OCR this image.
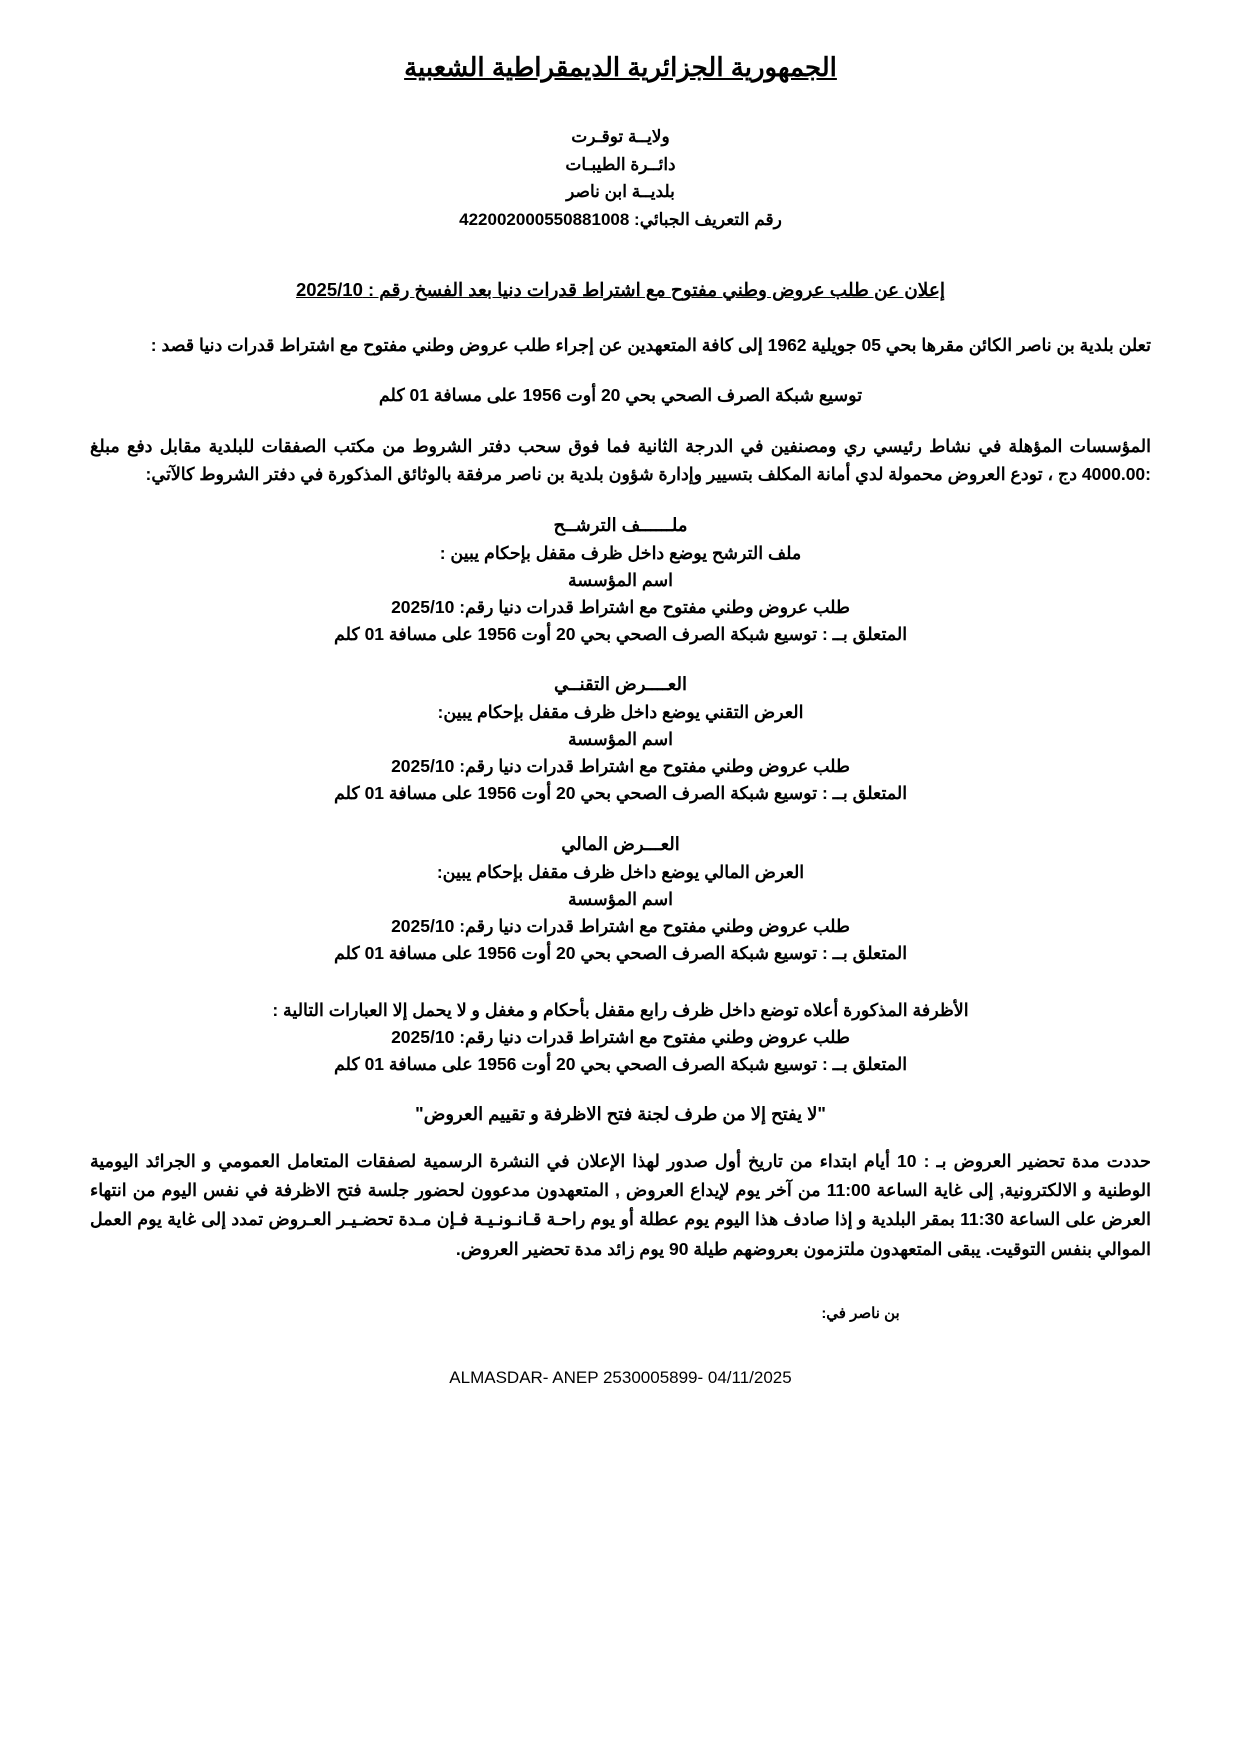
الجمهورية الجزائرية الديمقراطية الشعبية
ولايــة توقـرت
دائــرة الطيبـات
بلديــة ابن ناصر
رقم التعريف الجبائي: 422002000550881008
إعلان عن طلب عروض وطني مفتوح مع اشتراط قدرات دنيا بعد الفسخ رقم : 2025/10
تعلن بلدية بن ناصر الكائن مقرها بحي 05 جويلية 1962 إلى كافة المتعهدين عن إجراء طلب عروض وطني مفتوح مع اشتراط قدرات دنيا قصد :
توسيع شبكة الصرف الصحي بحي 20 أوت 1956 على مسافة 01 كلم
المؤسسات المؤهلة في نشاط رئيسي ري ومصنفين في الدرجة الثانية فما فوق سحب دفتر الشروط من مكتب الصفقات للبلدية مقابل دفع مبلغ :4000.00 دج ، تودع العروض محمولة لدي أمانة المكلف بتسيير وإدارة شؤون بلدية بن ناصر مرفقة بالوثائق المذكورة في دفتر الشروط كالآتي:
ملــــــف الترشــح
ملف الترشح يوضع داخل ظرف مقفل بإحكام يبين :
اسم المؤسسة
طلب عروض وطني مفتوح مع اشتراط قدرات دنيا رقم: 2025/10
المتعلق بــ : توسيع شبكة الصرف الصحي بحي 20 أوت 1956 على مسافة 01 كلم
العــــرض التقنــي
العرض التقني يوضع داخل ظرف مقفل بإحكام يبين:
اسم المؤسسة
طلب عروض وطني مفتوح مع اشتراط قدرات دنيا رقم: 2025/10
المتعلق بــ : توسيع شبكة الصرف الصحي بحي 20 أوت 1956 على مسافة 01 كلم
العـــرض المالي
العرض المالي يوضع داخل ظرف مقفل بإحكام يبين:
اسم المؤسسة
طلب عروض وطني مفتوح مع اشتراط قدرات دنيا رقم: 2025/10
المتعلق بــ : توسيع شبكة الصرف الصحي بحي 20 أوت 1956 على مسافة 01 كلم
الأظرفة المذكورة أعلاه توضع داخل ظرف رابع مقفل بأحكام و مغفل و لا يحمل إلا العبارات التالية :
طلب عروض وطني مفتوح مع اشتراط قدرات دنيا رقم: 2025/10
المتعلق بــ : توسيع شبكة الصرف الصحي بحي 20 أوت 1956 على مسافة 01 كلم
"لا يفتح إلا من طرف لجنة فتح الاظرفة و تقييم العروض"
حددت مدة تحضير العروض بـ : 10 أيام ابتداء من تاريخ أول صدور لهذا الإعلان في النشرة الرسمية لصفقات المتعامل العمومي و الجرائد اليومية الوطنية و الالكترونية, إلى غاية الساعة 11:00 من آخر يوم لإيداع العروض , المتعهدون مدعوون لحضور جلسة فتح الاظرفة في نفس اليوم من انتهاء العرض على الساعة 11:30 بمقر البلدية و إذا صادف هذا اليوم يوم عطلة أو يوم راحـة قـانـونـيـة فـإن مـدة تحضـيـر العـروض تمدد إلى غاية يوم العمل الموالي بنفس التوقيت. يبقى المتعهدون ملتزمون بعروضهم طيلة 90 يوم زائد مدة تحضير العروض.
بن ناصر في:
ALMASDAR- ANEP 2530005899- 04/11/2025
